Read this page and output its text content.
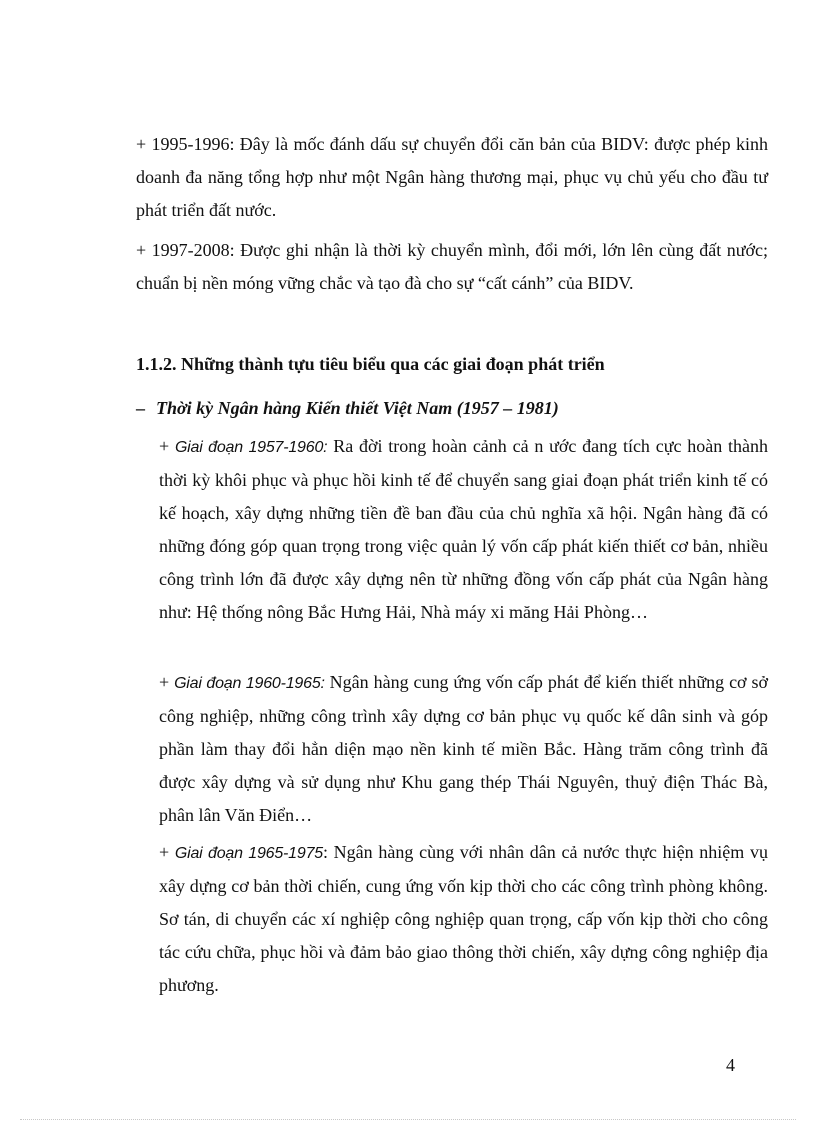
+ 1995-1996: Đây là mốc đánh dấu sự chuyển đổi căn bản của BIDV: được phép kinh doanh đa năng tổng hợp như một Ngân hàng thương mại, phục vụ chủ yếu cho đầu tư phát triển đất nước.
+ 1997-2008: Được ghi nhận là thời kỳ chuyển mình, đổi mới, lớn lên cùng đất nước; chuẩn bị nền móng vững chắc và tạo đà cho sự “cất cánh” của BIDV.
1.1.2. Những thành tựu tiêu biểu qua các giai đoạn phát triển
– Thời kỳ Ngân hàng Kiến thiết Việt Nam (1957 – 1981)
+ Giai đoạn 1957-1960: Ra đời trong hoàn cảnh cả n ước đang tích cực hoàn thành thời kỳ khôi phục và phục hồi kinh tế để chuyển sang giai đoạn phát triển kinh tế có kế hoạch, xây dựng những tiền đề ban đầu của chủ nghĩa xã hội. Ngân hàng đã có những đóng góp quan trọng trong việc quản lý vốn cấp phát kiến thiết cơ bản, nhiều công trình lớn đã được xây dựng nên từ những đồng vốn cấp phát của Ngân hàng như: Hệ thống nông Bắc Hưng Hải, Nhà máy xi măng Hải Phòng…
+ Giai đoạn 1960-1965: Ngân hàng cung ứng vốn cấp phát để kiến thiết những cơ sở công nghiệp, những công trình xây dựng cơ bản phục vụ quốc kế dân sinh và góp phần làm thay đổi hẳn diện mạo nền kinh tế miền Bắc. Hàng trăm công trình đã được xây dựng và sử dụng như Khu gang thép Thái Nguyên, thuỷ điện Thác Bà, phân lân Văn Điển…
+ Giai đoạn 1965-1975: Ngân hàng cùng với nhân dân cả nước thực hiện nhiệm vụ xây dựng cơ bản thời chiến, cung ứng vốn kịp thời cho các công trình phòng không. Sơ tán, di chuyển các xí nghiệp công nghiệp quan trọng, cấp vốn kịp thời cho công tác cứu chữa, phục hồi và đảm bảo giao thông thời chiến, xây dựng công nghiệp địa phương.
4
